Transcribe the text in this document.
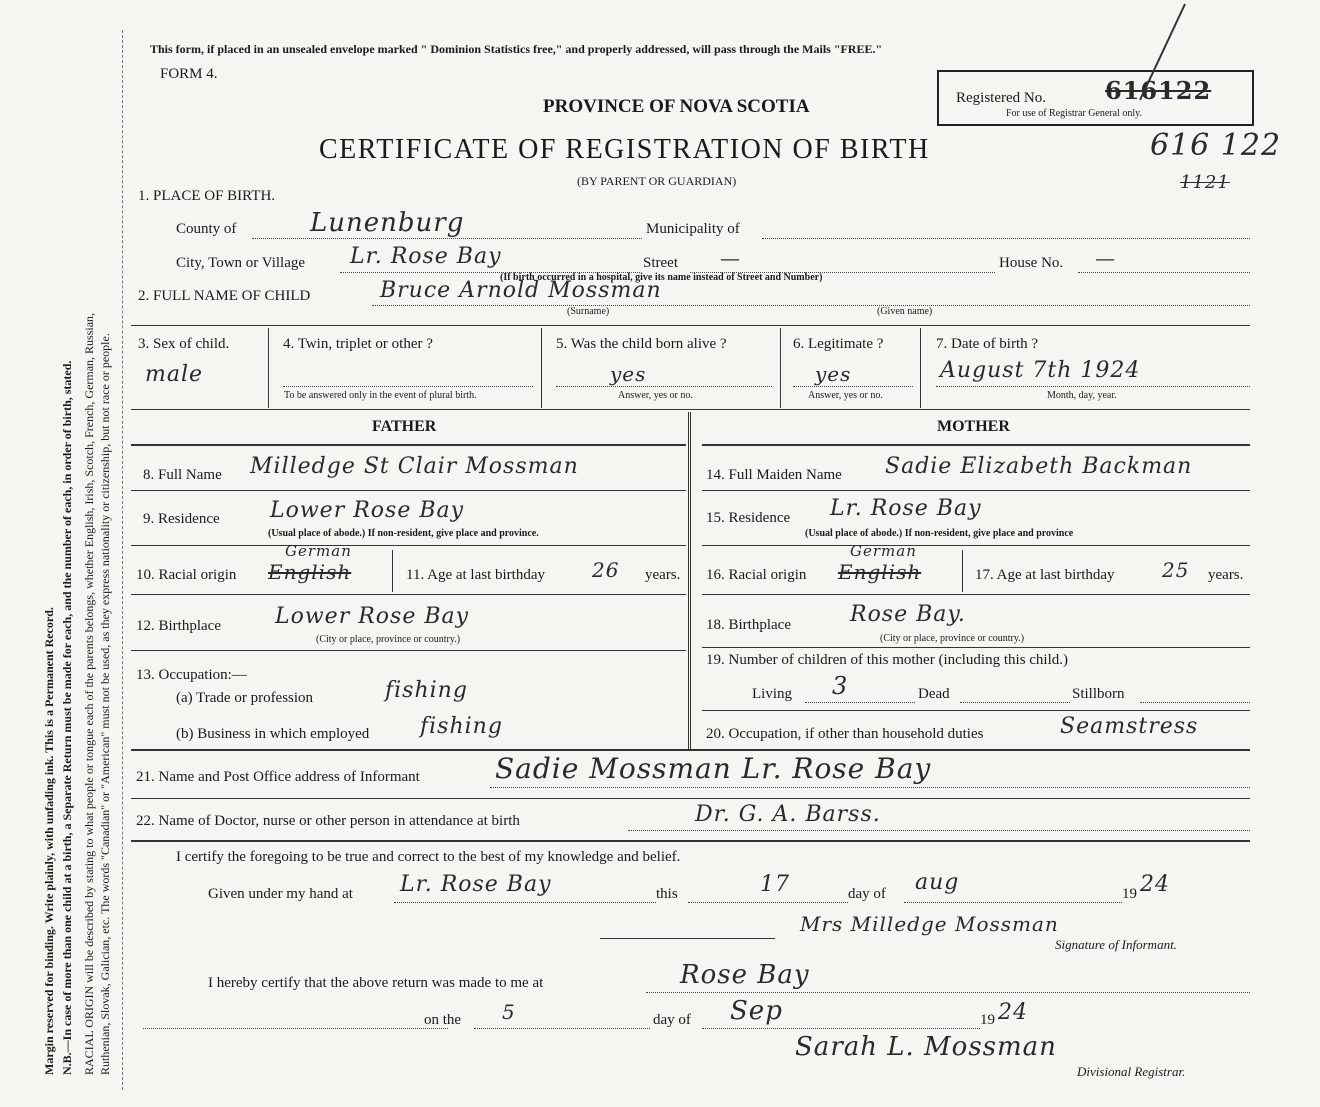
Margin reserved for binding. Write plainly, with unfading ink. This is a Permanent Record. N.B.—In case of more than one child at a birth, a Separate Return must be made for each, and the number of each, in order of birth, stated. RACIAL ORIGIN will be described by stating to what people or tongue each of the parents belongs, whether English, Irish, Scotch, French, German, Russian, Ruthenian, Slovak, Galician, etc. The words "Canadian" or "American" must not be used, as they express nationality or citizenship, but not race or people.
This form, if placed in an unsealed envelope marked " Dominion Statistics free," and properly addressed, will pass through the Mails "FREE."
FORM 4.
PROVINCE OF NOVA SCOTIA	Registered No. 616122
For use of Registrar General only.
616 122
1121
CERTIFICATE OF REGISTRATION OF BIRTH
(BY PARENT OR GUARDIAN)
1. PLACE OF BIRTH.
County of	Lunenburg	Municipality of
City, Town or Village Lr. Rose Bay	Street —	House No. —
(If birth occurred in a hospital, give its name instead of Street and Number)
2. FULL NAME OF CHILD	Bruce Arnold Mossman
(Surname)	(Given name)
3. Sex of child.
male
4. Twin, triplet or other ?
To be answered only in the event of plural birth.
5. Was the child born alive ?
yes
Answer, yes or no.
6. Legitimate ?
yes
Answer, yes or no.
7. Date of birth ?
August 7th 1924
Month, day, year.
FATHER	MOTHER
8. Full Name Milledge St Clair Mossman
9. Residence Lower Rose Bay
(Usual place of abode.) If non-resident, give place and province.
10. Racial origin English
German
11. Age at last birthday 26 years.
12. Birthplace Lower Rose Bay
(City or place, province or country.)
13. Occupation:—
(a) Trade or profession	fishing
(b) Business in which employed fishing
14. Full Maiden Name Sadie Elizabeth Backman
15. Residence Lr. Rose Bay
(Usual place of abode.) If non-resident, give place and province
16. Racial origin English
German
17. Age at last birthday 25 years.
18. Birthplace	Rose Bay.
(City or place, province or country.)
19. Number of children of this mother (including this child.)
Living 3	Dead	Stillborn
20. Occupation, if other than household duties	Seamstress
21. Name and Post Office address of Informant	Sadie Mossman Lr. Rose Bay
22. Name of Doctor, nurse or other person in attendance at birth	Dr. G. A. Barss.
I certify the foregoing to be true and correct to the best of my knowledge and belief.
Given under my hand at Lr. Rose Bay	this	17	day of aug	19 24
Mrs Milledge Mossman
Signature of Informant.
I hereby certify that the above return was made to me at	Rose Bay
on the 5	day of Sep	19 24
Sarah L. Mossman
Divisional Registrar.
